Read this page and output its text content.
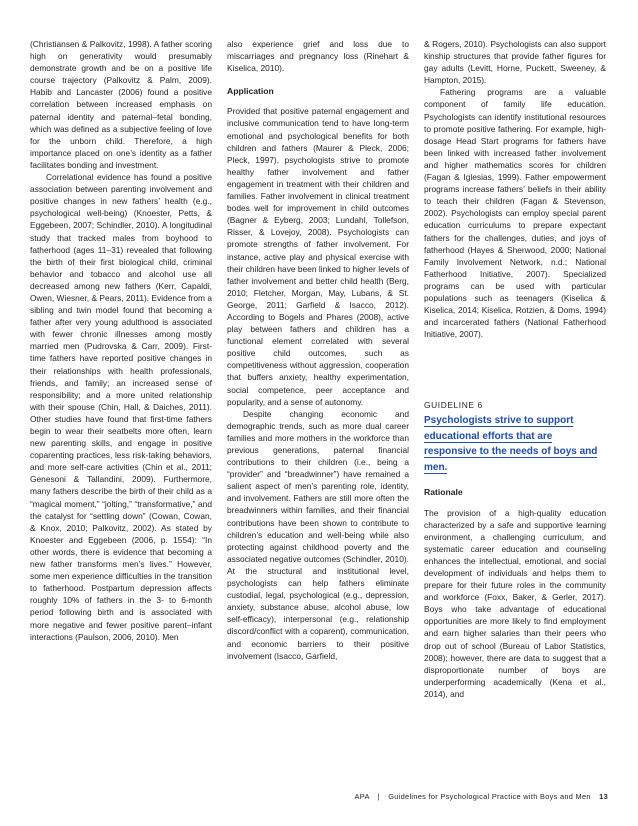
(Christiansen & Palkovitz, 1998). A father scoring high on generativity would presumably demonstrate growth and be on a positive life course trajectory (Palkovitz & Palm, 2009). Habib and Lancaster (2006) found a positive correlation between increased emphasis on paternal identity and paternal–fetal bonding, which was defined as a subjective feeling of love for the unborn child. Therefore, a high importance placed on one’s identity as a father facilitates bonding and investment.

Correlational evidence has found a positive association between parenting involvement and positive changes in new fathers’ health (e.g., psychological well-being) (Knoester, Petts, & Eggebeen, 2007; Schindler, 2010). A longitudinal study that tracked males from boyhood to fatherhood (ages 11–31) revealed that following the birth of their first biological child, criminal behavior and tobacco and alcohol use all decreased among new fathers (Kerr, Capaldi, Owen, Wiesner, & Pears, 2011). Evidence from a sibling and twin model found that becoming a father after very young adulthood is associated with fewer chronic illnesses among mostly married men (Pudrovska & Carr, 2009). First-time fathers have reported positive changes in their relationships with health professionals, friends, and family; an increased sense of responsibility; and a more united relationship with their spouse (Chin, Hall, & Daiches, 2011). Other studies have found that first-time fathers begin to wear their seatbelts more often, learn new parenting skills, and engage in positive coparenting practices, less risk-taking behaviors, and more self-care activities (Chin et al., 2011; Genesoni & Tallandini, 2009). Furthermore, many fathers describe the birth of their child as a “magical moment,” “jolting,” “transformative,” and the catalyst for “settling down” (Cowan, Cowan, & Knox, 2010; Palkovitz, 2002). As stated by Knoester and Eggebeen (2006, p. 1554): “In other words, there is evidence that becoming a new father transforms men’s lives.” However, some men experience difficulties in the transition to fatherhood. Postpartum depression affects roughly 10% of fathers in the 3- to 6-month period following birth and is associated with more negative and fewer positive parent–infant interactions (Paulson, 2006, 2010). Men

also experience grief and loss due to miscarriages and pregnancy loss (Rinehart & Kiselica, 2010).

Application

Provided that positive paternal engagement and inclusive communication tend to have long-term emotional and psychological benefits for both children and fathers (Maurer & Pleck, 2006; Pleck, 1997), psychologists strive to promote healthy father involvement and father engagement in treatment with their children and families. Father involvement in clinical treatment bodes well for improvement in child outcomes (Bagner & Eyberg, 2003; Lundahl, Tollefson, Risser, & Lovejoy, 2008). Psychologists can promote strengths of father involvement. For instance, active play and physical exercise with their children have been linked to higher levels of father involvement and better child health (Berg, 2010; Fletcher, Morgan, May, Lubans, & St. George, 2011; Garfield & Isacco, 2012). According to Bogels and Phares (2008), active play between fathers and children has a functional element correlated with several positive child outcomes, such as competitiveness without aggression, cooperation that buffers anxiety, healthy experimentation, social competence, peer acceptance and popularity, and a sense of autonomy.

Despite changing economic and demographic trends, such as more dual career families and more mothers in the workforce than previous generations, paternal financial contributions to their children (i.e., being a “provider” and “breadwinner”) have remained a salient aspect of men’s parenting role, identity, and involvement. Fathers are still more often the breadwinners within families, and their financial contributions have been shown to contribute to children’s education and well-being while also protecting against childhood poverty and the associated negative outcomes (Schindler, 2010). At the structural and institutional level, psychologists can help fathers eliminate custodial, legal, psychological (e.g., depression, anxiety, substance abuse, alcohol abuse, low self-efficacy), interpersonal (e.g., relationship discord/conflict with a coparent), communication, and economic barriers to their positive involvement (Isacco, Garfield,

& Rogers, 2010). Psychologists can also support kinship structures that provide father figures for gay adults (Levitt, Horne, Puckett, Sweeney, & Hampton, 2015).

Fathering programs are a valuable component of family life education. Psychologists can identify institutional resources to promote positive fathering. For example, high-dosage Head Start programs for fathers have been linked with increased father involvement and higher mathematics scores for children (Fagan & Iglesias, 1999). Father empowerment programs increase fathers’ beliefs in their ability to teach their children (Fagan & Stevenson, 2002). Psychologists can employ special parent education curriculums to prepare expectant fathers for the challenges, duties, and joys of fatherhood (Hayes & Sherwood, 2000; National Family Involvement Network, n.d.; National Fatherhood Initiative, 2007). Specialized programs can be used with particular populations such as teenagers (Kiselica & Kiselica, 2014; Kiselica, Rotzien, & Doms, 1994) and incarcerated fathers (National Fatherhood Initiative, 2007).

GUIDELINE 6
Psychologists strive to support educational efforts that are responsive to the needs of boys and men.
Rationale

The provision of a high-quality education characterized by a safe and supportive learning environment, a challenging curriculum, and systematic career education and counseling enhances the intellectual, emotional, and social development of individuals and helps them to prepare for their future roles in the community and workforce (Foxx, Baker, & Gerler, 2017). Boys who take advantage of educational opportunities are more likely to find employment and earn higher salaries than their peers who drop out of school (Bureau of Labor Statistics, 2008); however, there are data to suggest that a disproportionate number of boys are underperforming academically (Kena et al., 2014), and

APA | Guidelines for Psychological Practice with Boys and Men 13
